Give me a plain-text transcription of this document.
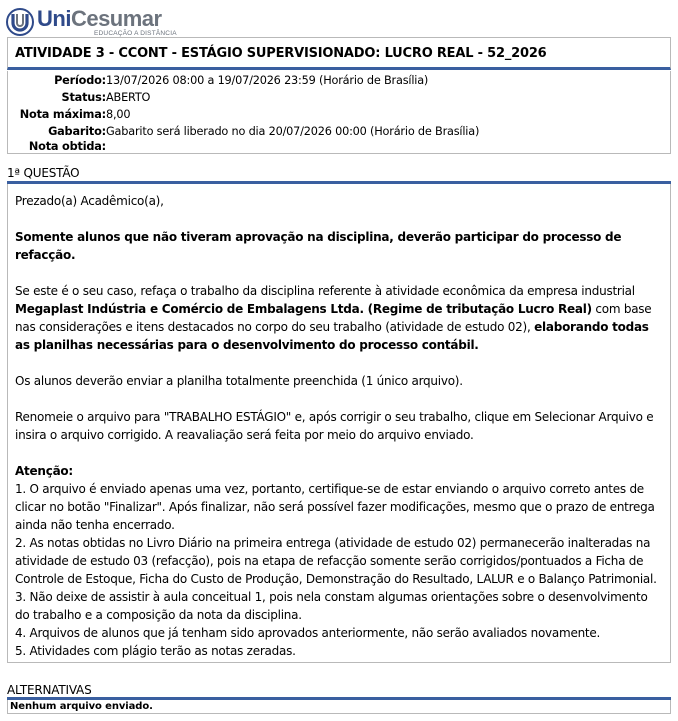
UniCesumar
EDUCAÇÃO A DISTÂNCIA
ATIVIDADE 3 - CCONT - ESTÁGIO SUPERVISIONADO: LUCRO REAL - 52_2026
Período: 13/07/2026 08:00 a 19/07/2026 23:59 (Horário de Brasília)
Status: ABERTO
Nota máxima: 8,00
Gabarito: Gabarito será liberado no dia 20/07/2026 00:00 (Horário de Brasília)
Nota obtida:
1ª QUESTÃO

Prezado(a) Acadêmico(a),

Somente alunos que não tiveram aprovação na disciplina, deverão participar do processo de refacção.

Se este é o seu caso, refaça o trabalho da disciplina referente à atividade econômica da empresa industrial Megaplast Indústria e Comércio de Embalagens Ltda. (Regime de tributação Lucro Real) com base nas considerações e itens destacados no corpo do seu trabalho (atividade de estudo 02), elaborando todas as planilhas necessárias para o desenvolvimento do processo contábil.

Os alunos deverão enviar a planilha totalmente preenchida (1 único arquivo).

Renomeie o arquivo para "TRABALHO ESTÁGIO" e, após corrigir o seu trabalho, clique em Selecionar Arquivo e insira o arquivo corrigido. A reavaliação será feita por meio do arquivo enviado.

Atenção:

1. O arquivo é enviado apenas uma vez, portanto, certifique-se de estar enviando o arquivo correto antes de clicar no botão "Finalizar". Após finalizar, não será possível fazer modificações, mesmo que o prazo de entrega ainda não tenha encerrado.

2. As notas obtidas no Livro Diário na primeira entrega (atividade de estudo 02) permanecerão inalteradas na atividade de estudo 03 (refacção), pois na etapa de refacção somente serão corrigidos/pontuados a Ficha de Controle de Estoque, Ficha do Custo de Produção, Demonstração do Resultado, LALUR e o Balanço Patrimonial.

3. Não deixe de assistir à aula conceitual 1, pois nela constam algumas orientações sobre o desenvolvimento do trabalho e a composição da nota da disciplina.

4. Arquivos de alunos que já tenham sido aprovados anteriormente, não serão avaliados novamente.

5. Atividades com plágio terão as notas zeradas.

ALTERNATIVAS
Nenhum arquivo enviado.
